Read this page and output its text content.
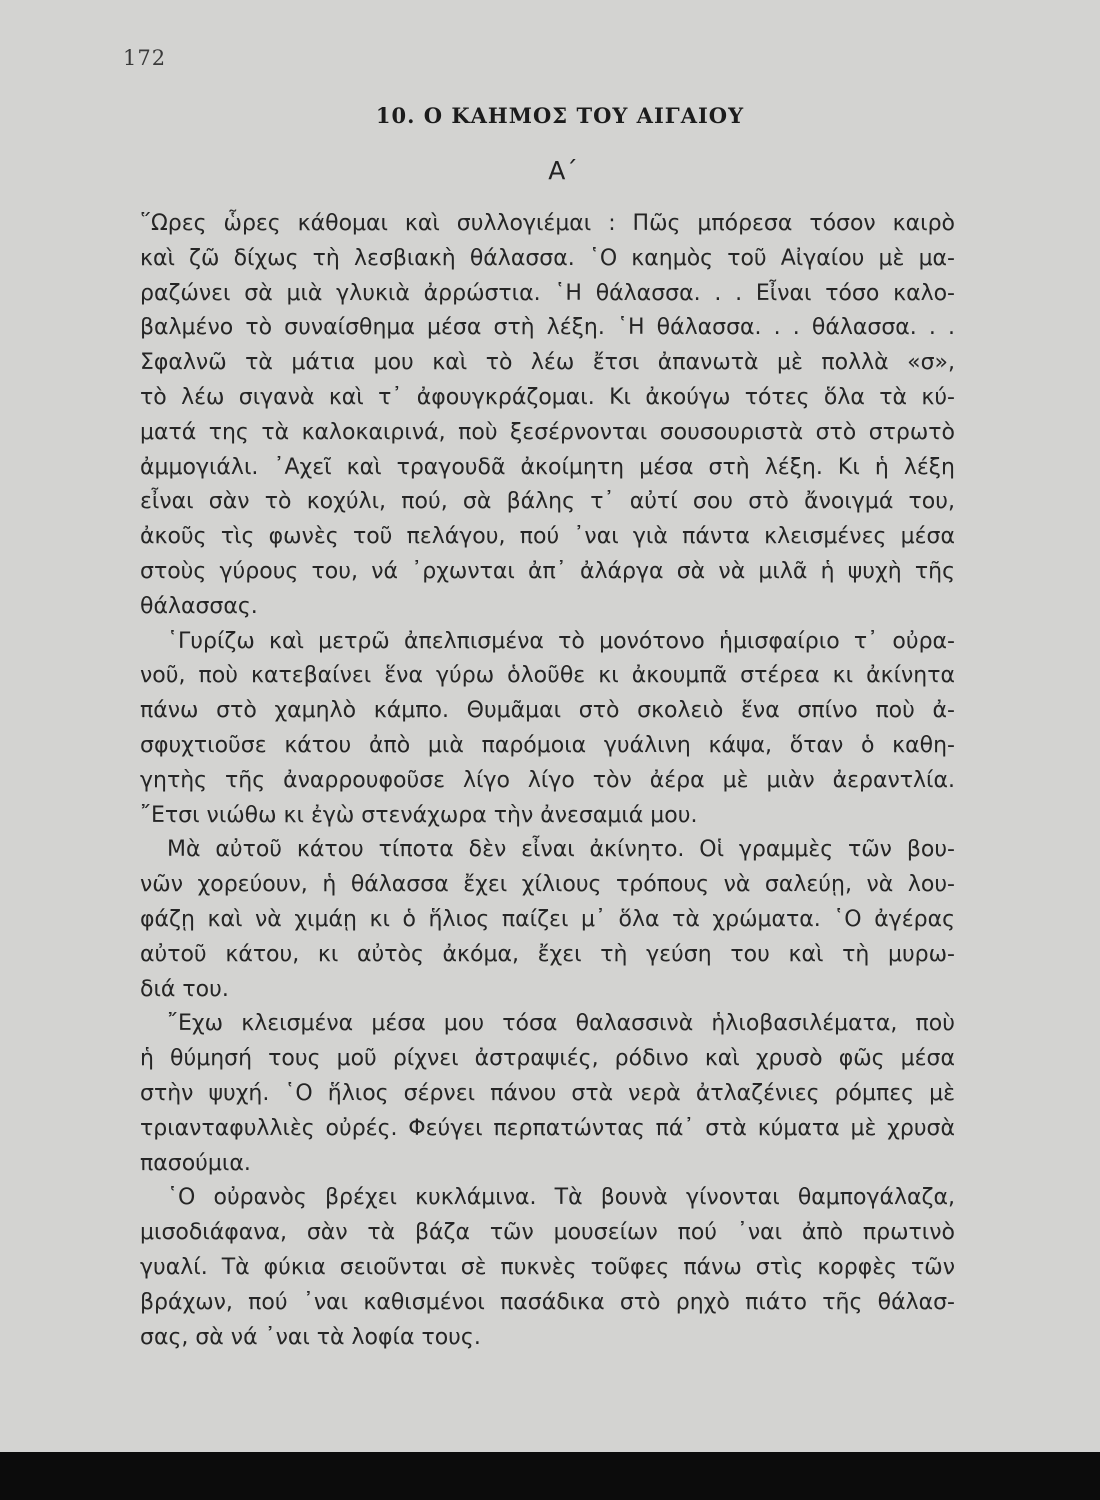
172
10. Ο ΚΑΗΜΟΣ ΤΟΥ ΑΙΓΑΙΟΥ
Α΄
῞Ωρες ὧρες κάθομαι καὶ συλλογιέμαι : Πῶς μπόρεσα τόσον καιρὸ
καὶ ζῶ δίχως τὴ λεσβιακὴ θάλασσα. ῾Ο καημὸς τοῦ Αἰγαίου μὲ μα-
ραζώνει σὰ μιὰ γλυκιὰ ἀρρώστια. ῾Η θάλασσα. . . Εἶναι τόσο καλο-
βαλμένο τὸ συναίσθημα μέσα στὴ λέξη. ῾Η θάλασσα. . . θάλασσα. . .
Σφαλνῶ τὰ μάτια μου καὶ τὸ λέω ἔτσι ἀπανωτὰ μὲ πολλὰ «σ»,
τὸ λέω σιγανὰ καὶ τ᾿ ἀφουγκράζομαι. Κι ἀκούγω τότες ὅλα τὰ κύ-
ματά της τὰ καλοκαιρινά, ποὺ ξεσέρνονται σουσουριστὰ στὸ στρωτὸ
ἀμμογιάλι. ᾿Αχεῖ καὶ τραγουδᾶ ἀκοίμητη μέσα στὴ λέξη. Κι ἡ λέξη
εἶναι σὰν τὸ κοχύλι, πού, σὰ βάλης τ᾿ αὐτί σου στὸ ἄνοιγμά του,
ἀκοῦς τὶς φωνὲς τοῦ πελάγου, πού ᾿ναι γιὰ πάντα κλεισμένες μέσα
στοὺς γύρους του, νά ᾿ρχωνται ἀπ᾿ ἀλάργα σὰ νὰ μιλᾶ ἡ ψυχὴ τῆς
θάλασσας.
῾Γυρίζω καὶ μετρῶ ἀπελπισμένα τὸ μονότονο ἡμισφαίριο τ᾿ οὐρα-
νοῦ, ποὺ κατεβαίνει ἕνα γύρω ὁλοῦθε κι ἀκουμπᾶ στέρεα κι ἀκίνητα
πάνω στὸ χαμηλὸ κάμπο. Θυμᾶμαι στὸ σκολειὸ ἕνα σπίνο ποὺ ἀ-
σφυχτιοῦσε κάτου ἀπὸ μιὰ παρόμοια γυάλινη κάψα, ὅταν ὁ καθη-
γητὴς τῆς ἀναρρουφοῦσε λίγο λίγο τὸν ἀέρα μὲ μιὰν ἀεραντλία.
῎Ετσι νιώθω κι ἐγὼ στενάχωρα τὴν ἀνεσαμιά μου.
Μὰ αὐτοῦ κάτου τίποτα δὲν εἶναι ἀκίνητο. Οἱ γραμμὲς τῶν βου-
νῶν χορεύουν, ἡ θάλασσα ἔχει χίλιους τρόπους νὰ σαλεύῃ, νὰ λου-
φάζῃ καὶ νὰ χιμάῃ κι ὁ ἥλιος παίζει μ᾿ ὅλα τὰ χρώματα. ῾Ο ἀγέρας
αὐτοῦ κάτου, κι αὐτὸς ἀκόμα, ἔχει τὴ γεύση του καὶ τὴ μυρω-
διά του.
῎Εχω κλεισμένα μέσα μου τόσα θαλασσινὰ ἡλιοβασιλέματα, ποὺ
ἡ θύμησή τους μοῦ ρίχνει ἀστραψιές, ρόδινο καὶ χρυσὸ φῶς μέσα
στὴν ψυχή. ῾Ο ἥλιος σέρνει πάνου στὰ νερὰ ἀτλαζένιες ρόμπες μὲ
τριανταφυλλιὲς οὐρές. Φεύγει περπατώντας πά᾿ στὰ κύματα μὲ χρυσὰ
πασούμια.
῾Ο οὐρανὸς βρέχει κυκλάμινα. Τὰ βουνὰ γίνονται θαμπογάλαζα,
μισοδιάφανα, σὰν τὰ βάζα τῶν μουσείων πού ᾿ναι ἀπὸ πρωτινὸ
γυαλί. Τὰ φύκια σειοῦνται σὲ πυκνὲς τοῦφες πάνω στὶς κορφὲς τῶν
βράχων, πού ᾿ναι καθισμένοι πασάδικα στὸ ρηχὸ πιάτο τῆς θάλασ-
σας, σὰ νά ᾿ναι τὰ λοφία τους.
